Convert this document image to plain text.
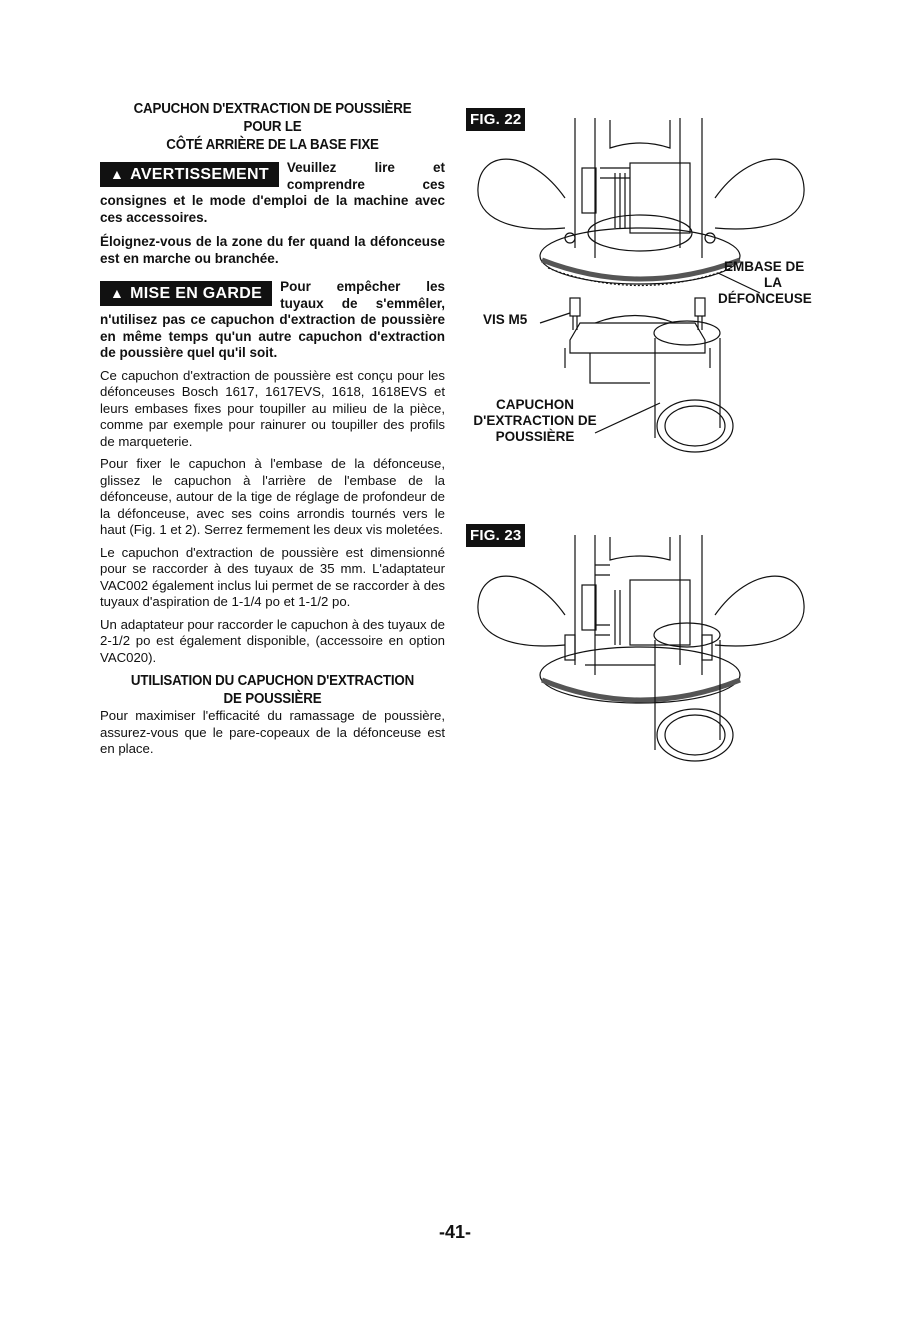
CAPUCHON D'EXTRACTION DE POUSSIÈRE POUR LE
CÔTÉ ARRIÈRE DE LA BASE FIXE
▲ AVERTISSEMENT	Veuillez lire et comprendre ces consignes et le mode d'emploi de la machine avec ces accessoires.

Éloignez-vous de la zone du fer quand la défonceuse est en marche ou branchée.

▲ MISE EN GARDE	Pour empêcher les tuyaux de s'emmêler, n'utilisez pas ce capuchon d'extraction de poussière en même temps qu'un autre capuchon d'extraction de poussière quel qu'il soit.

Ce capuchon d'extraction de poussière est conçu pour les défonceuses Bosch 1617, 1617EVS, 1618, 1618EVS et leurs embases fixes pour toupiller au milieu de la pièce, comme par exemple pour rainurer ou toupiller des profils de marqueterie.

Pour fixer le capuchon à l'embase de la défonceuse, glissez le capuchon à l'arrière de l'embase de la défonceuse, autour de la tige de réglage de profondeur de la défonceuse, avec ses coins arrondis tournés vers le haut (Fig. 1 et 2). Serrez fermement les deux vis moletées.

Le capuchon d'extraction de poussière est dimensionné pour se raccorder à des tuyaux de 35 mm. L'adaptateur VAC002 également inclus lui permet de se raccorder à des tuyaux d'aspiration de 1-1/4 po et 1-1/2 po.

Un adaptateur pour raccorder le capuchon à des tuyaux de 2-1/2 po est également disponible, (accessoire en option VAC020).

UTILISATION DU CAPUCHON D'EXTRACTION
DE POUSSIÈRE

Pour maximiser l'efficacité du ramassage de poussière, assurez-vous que le pare-copeaux de la défonceuse est en place.

FIG. 22
EMBASE DE
LA
DÉFONCEUSE
VIS M5
CAPUCHON
D'EXTRACTION DE
POUSSIÈRE
FIG. 23
-41-
